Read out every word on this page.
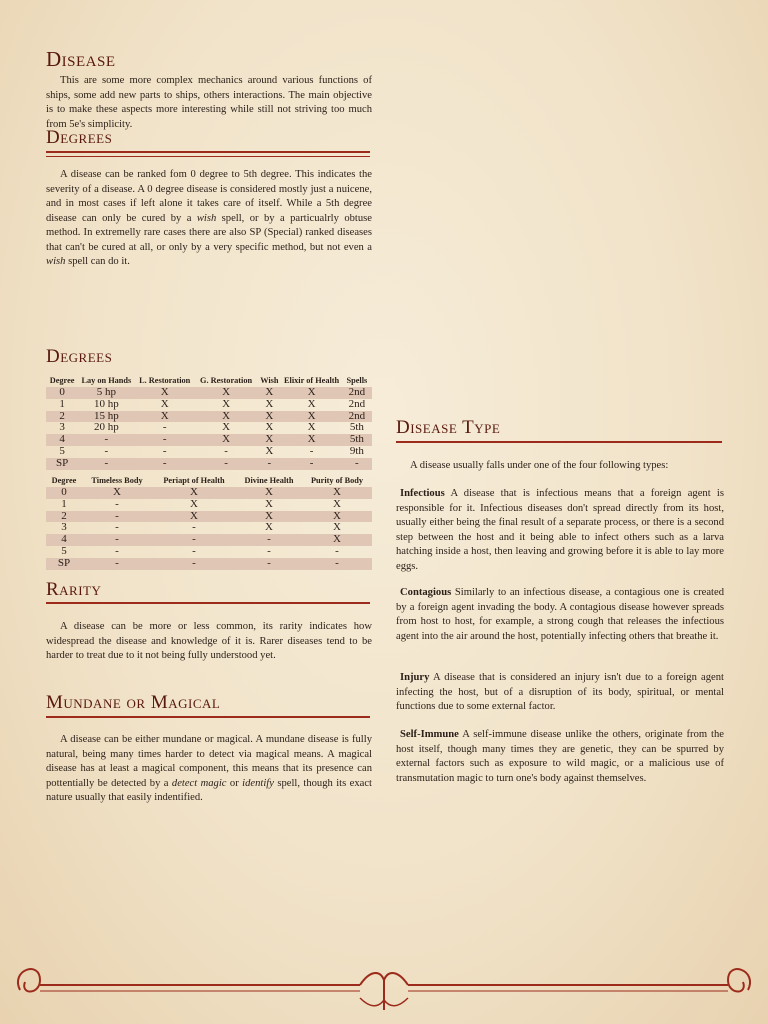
Disease

This are some more complex mechanics around various functions of ships, some add new parts to ships, others interactions. The main objective is to make these aspects more interesting while still not striving too much from 5e's simplicity.

Degrees

A disease can be ranked fom 0 degree to 5th degree. This indicates the severity of a disease. A 0 degree disease is considered mostly just a nuicene, and in most cases if left alone it takes care of itself. While a 5th degree disease can only be cured by a wish spell, or by a particualrly obtuse method. In extremelly rare cases there are also SP (Special) ranked diseases that can't be cured at all, or only by a very specific method, but not even a wish spell can do it.

Degrees
Degree	Lay on Hands	L. Restoration	G. Restoration	Wish	Elixir of Health	Spells
0	5 hp	X	X	X	X	2nd
1	10 hp	X	X	X	X	2nd
2	15 hp	X	X	X	X	2nd
3	20 hp	-	X	X	X	5th
4	-	-	X	X	X	5th
5	-	-	-	X	-	9th
SP	-	-	-	-	-	-
Degree	Timeless Body	Periapt of Health	Divine Health	Purity of Body
0	X	X	X	X
1	-	X	X	X
2	-	X	X	X
3	-	-	X	X
4	-	-	-	X
5	-	-	-	-
SP	-	-	-	-
Rarity

A disease can be more or less common, its rarity indicates how widespread the disease and knowledge of it is. Rarer diseases tend to be harder to treat due to it not being fully understood yet.

Mundane or Magical

A disease can be either mundane or magical. A mundane disease is fully natural, being many times harder to detect via magical means. A magical disease has at least a magical component, this means that its presence can pottentially be detected by a detect magic or identify spell, though its exact nature usually that easily indentified.

Disease Type

A disease usually falls under one of the four following types:

Infectious A disease that is infectious means that a foreign agent is responsible for it. Infectious diseases don't spread directly from its host, usually either being the final result of a separate process, or there is a second step between the host and it being able to infect others such as a larva hatching inside a host, then leaving and growing before it is able to lay more eggs.

Contagious Similarly to an infectious disease, a contagious one is created by a foreign agent invading the body. A contagious disease however spreads from host to host, for example, a strong cough that releases the infectious agent into the air around the host, potentially infecting others that breathe it.

Injury A disease that is considered an injury isn't due to a foreign agent infecting the host, but of a disruption of its body, spiritual, or mental functions due to some external factor.

Self-Immune A self-immune disease unlike the others, originate from the host itself, though many times they are genetic, they can be spurred by external factors such as exposure to wild magic, or a malicious use of transmutation magic to turn one's body against themselves.
